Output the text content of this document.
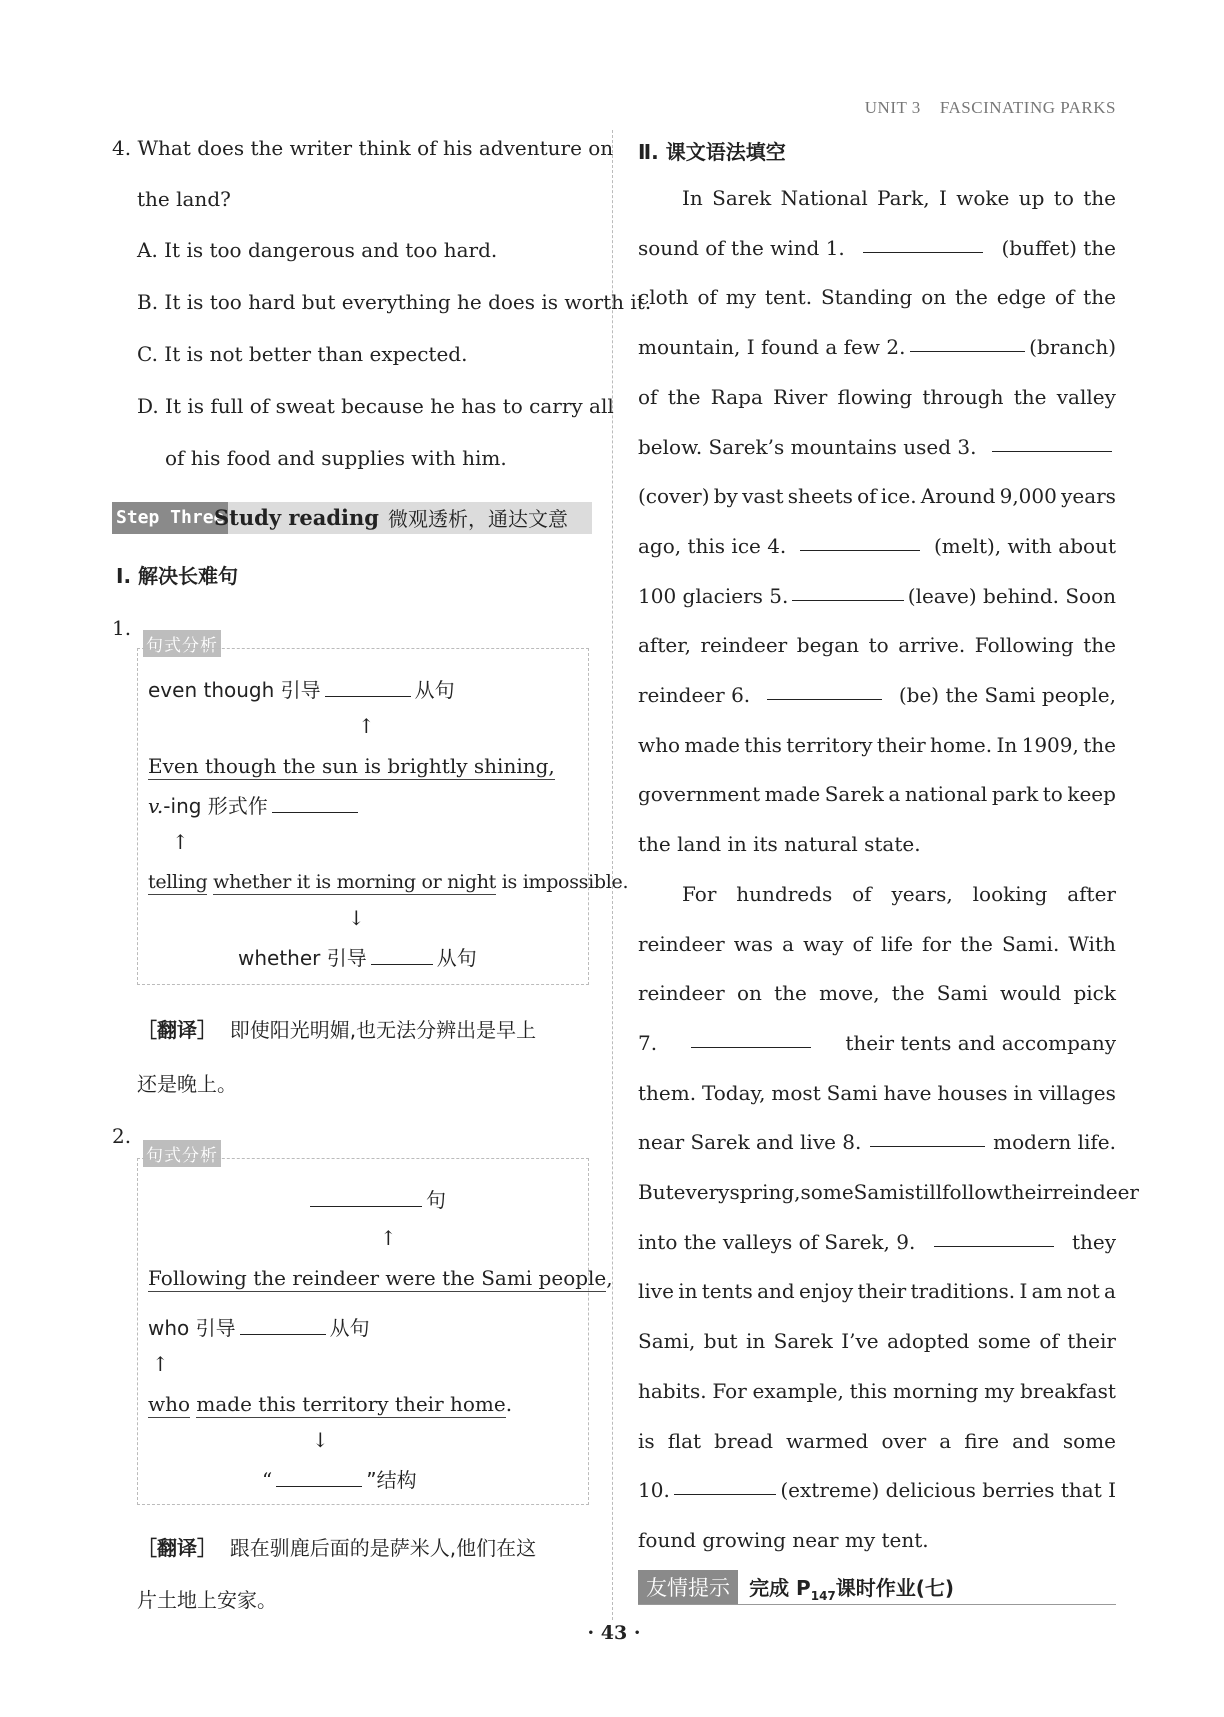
UNIT 3 FASCINATING PARKS
4. What does the writer think of his adventure on
the land?
A. It is too dangerous and too hard.
B. It is too hard but everything he does is worth it.
C. It is not better than expected.
D. It is full of sweat because he has to carry all
of his food and supplies with him.
Step Three
Study reading 微观透析，通达文意
Ⅰ. 解决长难句
1.
句式分析
even though 引导	从句
↑
Even though the sun is brightly shining,
v.-ing 形式作
↑
telling whether it is morning or night is impossible.
↓
whether 引导	从句
［翻译］ 即使阳光明媚,也无法分辨出是早上
还是晚上。
2.
句式分析
句
↑
Following the reindeer were the Sami people,
who 引导	从句
↑
who made this territory their home.
↓
“	”结构
［翻译］ 跟在驯鹿后面的是萨米人,他们在这
片土地上安家。
Ⅱ. 课文语法填空
In Sarek National Park, I woke up to the
sound of the wind 1.	(buffet) the
cloth of my tent. Standing on the edge of the
mountain, I found a few 2.	(branch)
of the Rapa River flowing through the valley
below. Sarek’s mountains used 3.
(cover) by vast sheets of ice. Around 9,000 years
ago, this ice 4.	(melt), with about
100 glaciers 5.	(leave) behind. Soon
after, reindeer began to arrive. Following the
reindeer 6.	(be) the Sami people,
who made this territory their home. In 1909, the
government made Sarek a national park to keep
the land in its natural state.
For hundreds of years, looking after
reindeer was a way of life for the Sami. With
reindeer on the move, the Sami would pick
7.	their tents and accompany
them. Today, most Sami have houses in villages
near Sarek and live 8.	modern life.
But every spring, some Sami still follow their reindeer
into the valleys of Sarek, 9.	they
live in tents and enjoy their traditions. I am not a
Sami, but in Sarek I’ve adopted some of their
habits. For example, this morning my breakfast
is flat bread warmed over a fire and some
10.	(extreme) delicious berries that I
found growing near my tent.
友情提示 完成 $P_{147}$课时作业(七)
· 43 ·
